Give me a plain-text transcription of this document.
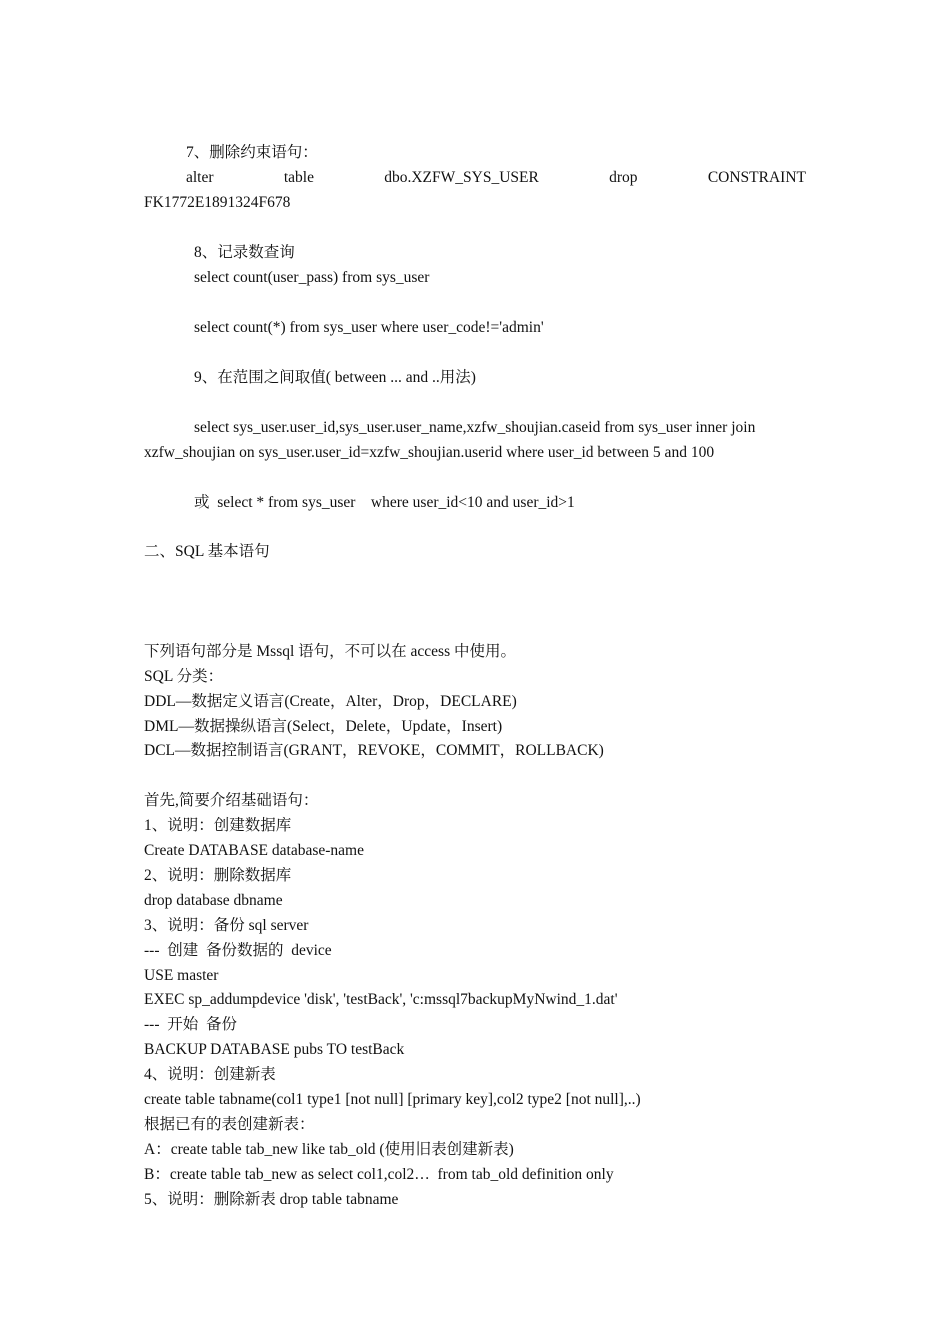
7、删除约束语句：
alter	table	dbo.XZFW_SYS_USER	drop	CONSTRAINT
FK1772E1891324F678
8、记录数查询
select count(user_pass) from sys_user
select count(*) from sys_user where user_code!='admin'
9、在范围之间取值( between ... and ..用法)
select sys_user.user_id,sys_user.user_name,xzfw_shoujian.caseid from sys_user inner join
xzfw_shoujian on sys_user.user_id=xzfw_shoujian.userid where user_id between 5 and 100
或  select * from sys_user    where user_id<10 and user_id>1
二、SQL 基本语句
下列语句部分是 Mssql 语句，不可以在 access 中使用。
SQL 分类：
DDL—数据定义语言(Create，Alter，Drop，DECLARE)
DML—数据操纵语言(Select，Delete，Update，Insert)
DCL—数据控制语言(GRANT，REVOKE，COMMIT，ROLLBACK)
首先,简要介绍基础语句：
1、说明：创建数据库
Create DATABASE database-name
2、说明：删除数据库
drop database dbname
3、说明：备份 sql server
---  创建  备份数据的  device
USE master
EXEC sp_addumpdevice 'disk', 'testBack', 'c:mssql7backupMyNwind_1.dat'
---  开始  备份
BACKUP DATABASE pubs TO testBack
4、说明：创建新表
create table tabname(col1 type1 [not null] [primary key],col2 type2 [not null],..)
根据已有的表创建新表：
A：create table tab_new like tab_old (使用旧表创建新表)
B：create table tab_new as select col1,col2…  from tab_old definition only
5、说明：删除新表 drop table tabname
